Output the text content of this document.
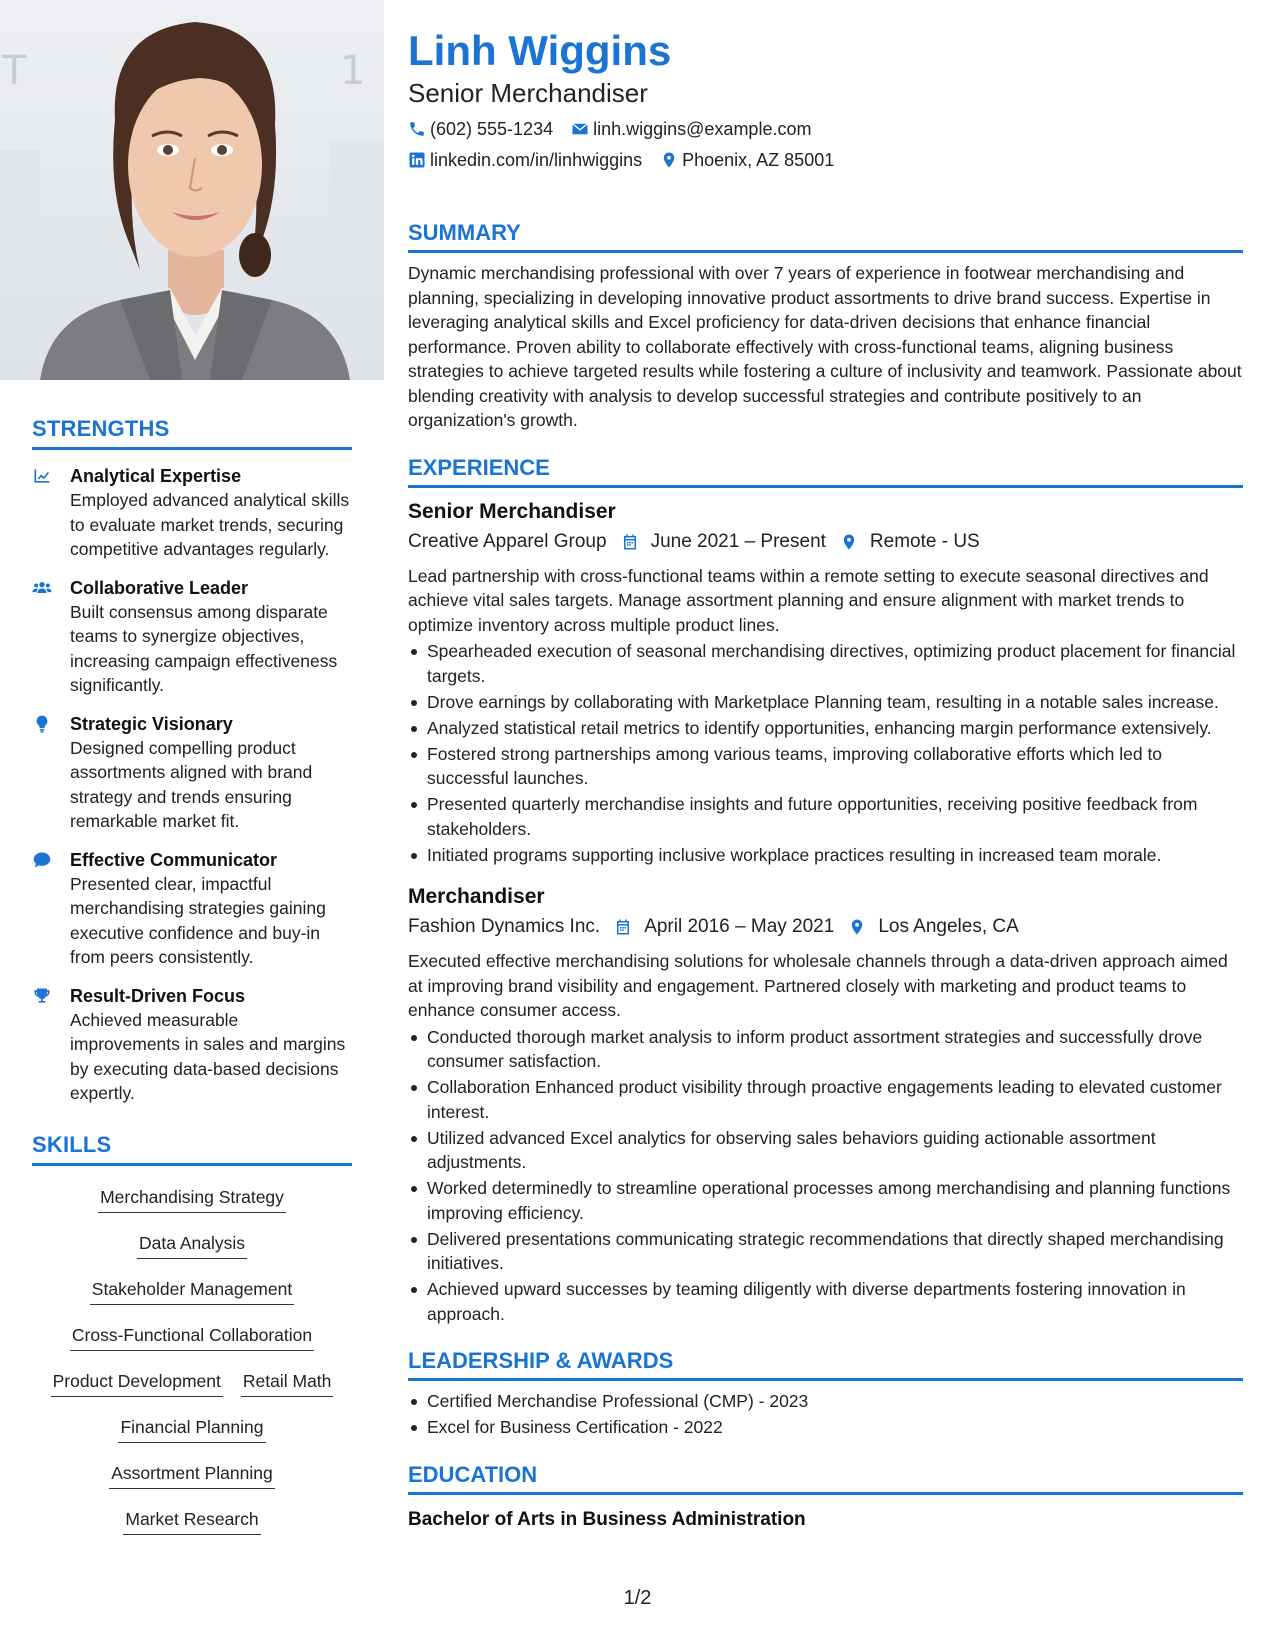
T	1
STRENGTHS
Analytical Expertise
Employed advanced analytical skills to evaluate market trends, securing competitive advantages regularly.
Collaborative Leader
Built consensus among disparate teams to synergize objectives, increasing campaign effectiveness significantly.
Strategic Visionary
Designed compelling product assortments aligned with brand strategy and trends ensuring remarkable market fit.
Effective Communicator
Presented clear, impactful merchandising strategies gaining executive confidence and buy-in from peers consistently.
Result-Driven Focus
Achieved measurable improvements in sales and margins by executing data-based decisions expertly.
SKILLS
Merchandising Strategy
Data Analysis
Stakeholder Management
Cross-Functional Collaboration
Product Development Retail Math
Financial Planning
Assortment Planning
Market Research
Linh Wiggins
Senior Merchandiser
(602) 555-1234 linh.wiggins@example.com
linkedin.com/in/linhwiggins Phoenix, AZ 85001
SUMMARY

Dynamic merchandising professional with over 7 years of experience in footwear merchandising and planning, specializing in developing innovative product assortments to drive brand success. Expertise in leveraging analytical skills and Excel proficiency for data-driven decisions that enhance financial performance. Proven ability to collaborate effectively with cross-functional teams, aligning business strategies to achieve targeted results while fostering a culture of inclusivity and teamwork. Passionate about blending creativity with analysis to develop successful strategies and contribute positively to an organization's growth.

EXPERIENCE
Senior Merchandiser
Creative Apparel Group June 2021 – Present Remote - US

Lead partnership with cross-functional teams within a remote setting to execute seasonal directives and achieve vital sales targets. Manage assortment planning and ensure alignment with market trends to optimize inventory across multiple product lines.

Spearheaded execution of seasonal merchandising directives, optimizing product placement for financial targets.
Drove earnings by collaborating with Marketplace Planning team, resulting in a notable sales increase.
Analyzed statistical retail metrics to identify opportunities, enhancing margin performance extensively.
Fostered strong partnerships among various teams, improving collaborative efforts which led to successful launches.
Presented quarterly merchandise insights and future opportunities, receiving positive feedback from stakeholders.
Initiated programs supporting inclusive workplace practices resulting in increased team morale.
Merchandiser
Fashion Dynamics Inc. April 2016 – May 2021 Los Angeles, CA

Executed effective merchandising solutions for wholesale channels through a data-driven approach aimed at improving brand visibility and engagement. Partnered closely with marketing and product teams to enhance consumer access.

Conducted thorough market analysis to inform product assortment strategies and successfully drove consumer satisfaction.
Collaboration Enhanced product visibility through proactive engagements leading to elevated customer interest.
Utilized advanced Excel analytics for observing sales behaviors guiding actionable assortment adjustments.
Worked determinedly to streamline operational processes among merchandising and planning functions improving efficiency.
Delivered presentations communicating strategic recommendations that directly shaped merchandising initiatives.
Achieved upward successes by teaming diligently with diverse departments fostering innovation in approach.
LEADERSHIP & AWARDS
Certified Merchandise Professional (CMP) - 2023
Excel for Business Certification - 2022
EDUCATION
Bachelor of Arts in Business Administration
1/2
